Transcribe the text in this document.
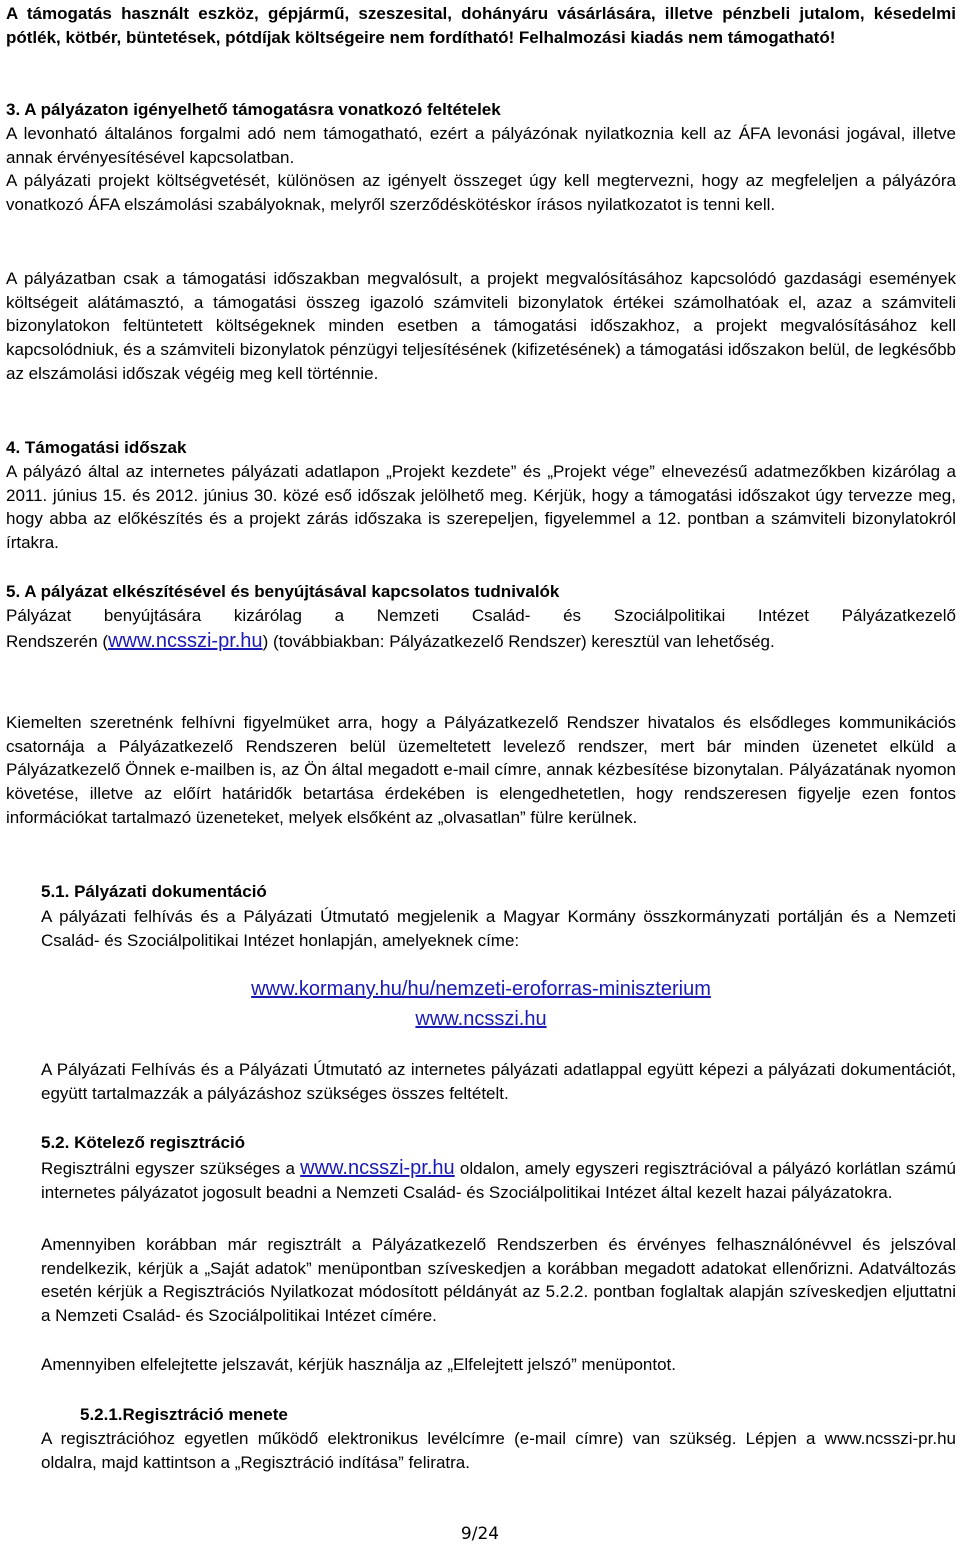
A támogatás használt eszköz, gépjármű, szeszesital, dohányáru vásárlására, illetve pénzbeli jutalom, késedelmi pótlék, kötbér, büntetések, pótdíjak költségeire nem fordítható! Felhalmozási kiadás nem támogatható!

3. A pályázaton igényelhető támogatásra vonatkozó feltételek

A levonható általános forgalmi adó nem támogatható, ezért a pályázónak nyilatkoznia kell az ÁFA levonási jogával, illetve annak érvényesítésével kapcsolatban.

A pályázati projekt költségvetését, különösen az igényelt összeget úgy kell megtervezni, hogy az megfeleljen a pályázóra vonatkozó ÁFA elszámolási szabályoknak, melyről szerződéskötéskor írásos nyilatkozatot is tenni kell.

A pályázatban csak a támogatási időszakban megvalósult, a projekt megvalósításához kapcsolódó gazdasági események költségeit alátámasztó, a támogatási összeg igazoló számviteli bizonylatok értékei számolhatóak el, azaz a számviteli bizonylatokon feltüntetett költségeknek minden esetben a támogatási időszakhoz, a projekt megvalósításához kell kapcsolódniuk, és a számviteli bizonylatok pénzügyi teljesítésének (kifizetésének) a támogatási időszakon belül, de legkésőbb az elszámolási időszak végéig meg kell történnie.

4. Támogatási időszak

A pályázó által az internetes pályázati adatlapon „Projekt kezdete” és „Projekt vége” elnevezésű adatmezőkben kizárólag a 2011. június 15. és 2012. június 30. közé eső időszak jelölhető meg. Kérjük, hogy a támogatási időszakot úgy tervezze meg, hogy abba az előkészítés és a projekt zárás időszaka is szerepeljen, figyelemmel a 12. pontban a számviteli bizonylatokról írtakra.

5. A pályázat elkészítésével és benyújtásával kapcsolatos tudnivalók

Pályázat benyújtására kizárólag a Nemzeti Család- és Szociálpolitikai Intézet Pályázatkezelő

Rendszerén (www.ncsszi-pr.hu) (továbbiakban: Pályázatkezelő Rendszer) keresztül van lehetőség.

Kiemelten szeretnénk felhívni figyelmüket arra, hogy a Pályázatkezelő Rendszer hivatalos és elsődleges kommunikációs csatornája a Pályázatkezelő Rendszeren belül üzemeltetett levelező rendszer, mert bár minden üzenetet elküld a Pályázatkezelő Önnek e-mailben is, az Ön által megadott e-mail címre, annak kézbesítése bizonytalan. Pályázatának nyomon követése, illetve az előírt határidők betartása érdekében is elengedhetetlen, hogy rendszeresen figyelje ezen fontos információkat tartalmazó üzeneteket, melyek elsőként az „olvasatlan” fülre kerülnek.

5.1. Pályázati dokumentáció

A pályázati felhívás és a Pályázati Útmutató megjelenik a Magyar Kormány összkormányzati portálján és a Nemzeti Család- és Szociálpolitikai Intézet honlapján, amelyeknek címe:

www.kormany.hu/hu/nemzeti-eroforras-miniszterium

www.ncsszi.hu

A Pályázati Felhívás és a Pályázati Útmutató az internetes pályázati adatlappal együtt képezi a pályázati dokumentációt, együtt tartalmazzák a pályázáshoz szükséges összes feltételt.

5.2. Kötelező regisztráció

Regisztrálni egyszer szükséges a www.ncsszi-pr.hu oldalon, amely egyszeri regisztrációval a pályázó korlátlan számú internetes pályázatot jogosult beadni a Nemzeti Család- és Szociálpolitikai Intézet által kezelt hazai pályázatokra.

Amennyiben korábban már regisztrált a Pályázatkezelő Rendszerben és érvényes felhasználónévvel és jelszóval rendelkezik, kérjük a „Saját adatok” menüpontban szíveskedjen a korábban megadott adatokat ellenőrizni. Adatváltozás esetén kérjük a Regisztrációs Nyilatkozat módosított példányát az 5.2.2. pontban foglaltak alapján szíveskedjen eljuttatni a Nemzeti Család- és Szociálpolitikai Intézet címére.

Amennyiben elfelejtette jelszavát, kérjük használja az „Elfelejtett jelszó” menüpontot.

5.2.1.Regisztráció menete

A regisztrációhoz egyetlen működő elektronikus levélcímre (e-mail címre) van szükség. Lépjen a www.ncsszi-pr.hu oldalra, majd kattintson a „Regisztráció indítása” feliratra.

9/24
